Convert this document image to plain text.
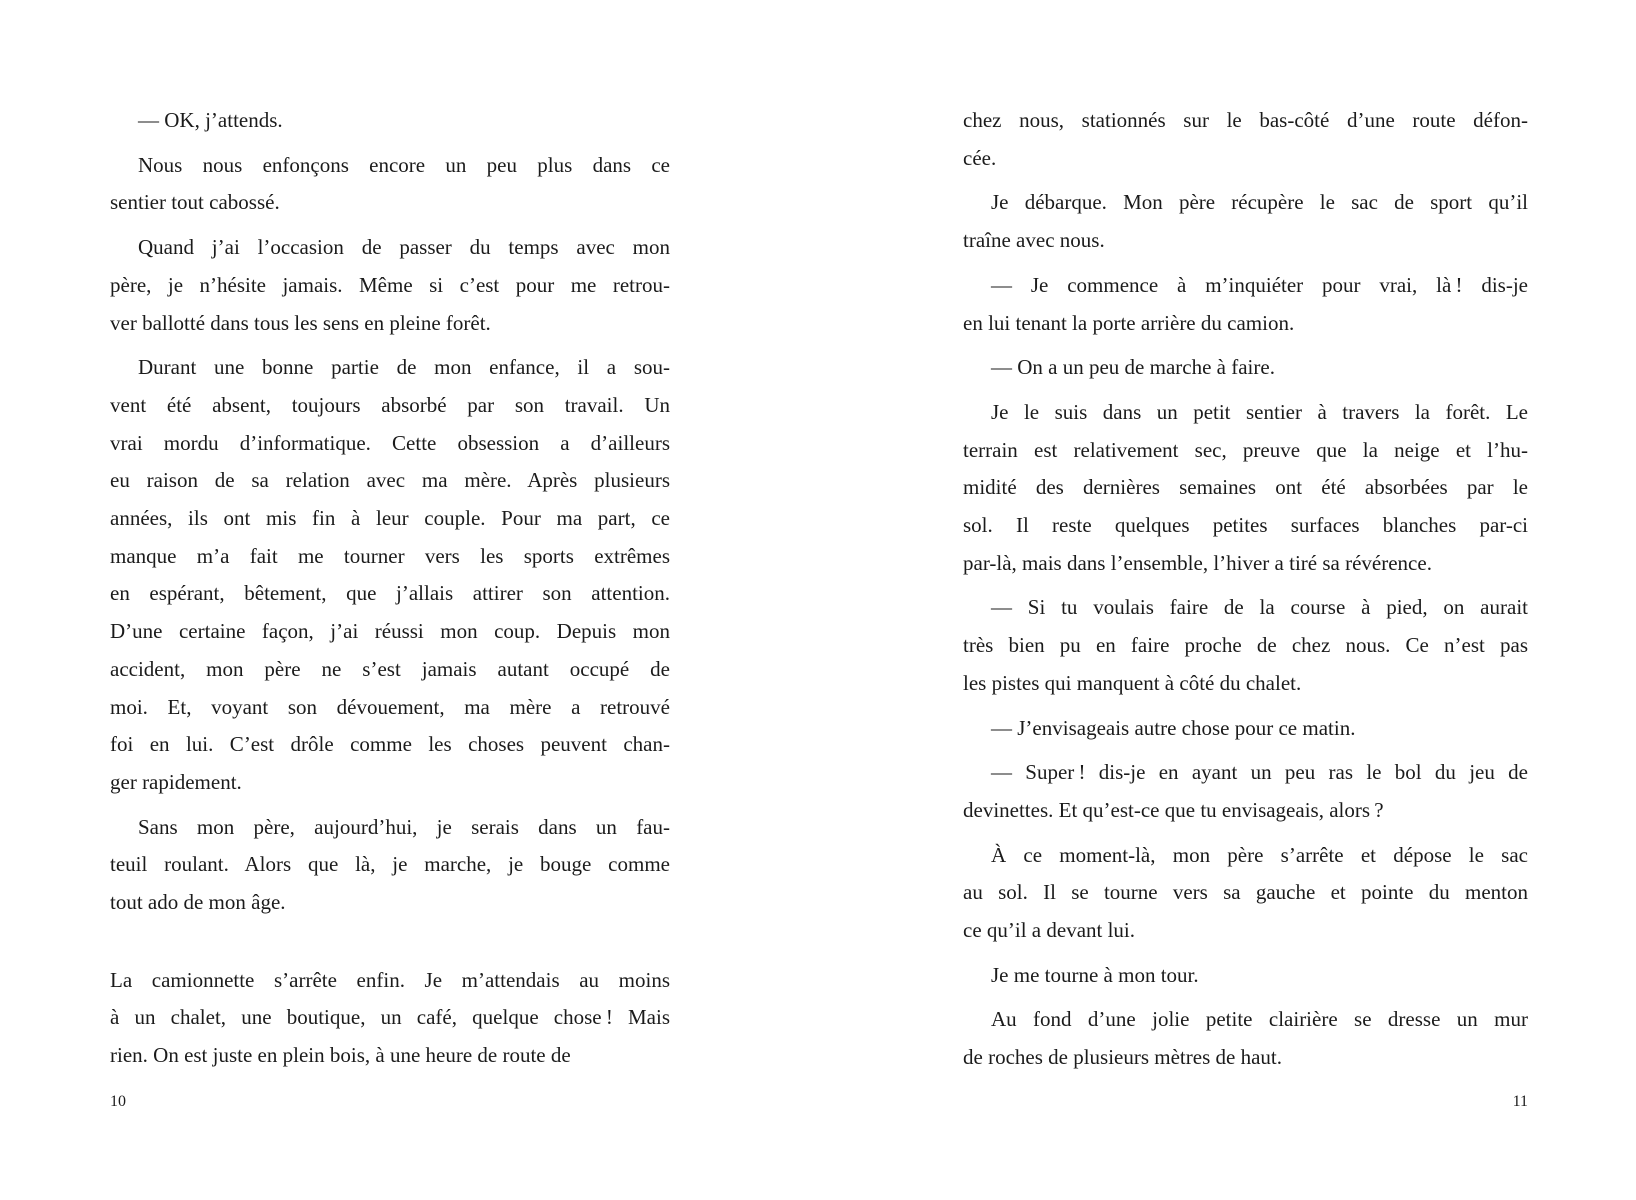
— OK, j’attends.
Nous nous enfonçons encore un peu plus dans ce
sentier tout cabossé.
Quand j’ai l’occasion de passer du temps avec mon
père, je n’hésite jamais. Même si c’est pour me retrou-
ver ballotté dans tous les sens en pleine forêt.
Durant une bonne partie de mon enfance, il a sou-
vent été absent, toujours absorbé par son travail. Un
vrai mordu d’informatique. Cette obsession a d’ailleurs
eu raison de sa relation avec ma mère. Après plusieurs
années, ils ont mis fin à leur couple. Pour ma part, ce
manque m’a fait me tourner vers les sports extrêmes
en espérant, bêtement, que j’allais attirer son attention.
D’une certaine façon, j’ai réussi mon coup. Depuis mon
accident, mon père ne s’est jamais autant occupé de
moi. Et, voyant son dévouement, ma mère a retrouvé
foi en lui. C’est drôle comme les choses peuvent chan-
ger rapidement.
Sans mon père, aujourd’hui, je serais dans un fau-
teuil roulant. Alors que là, je marche, je bouge comme
tout ado de mon âge.
La camionnette s’arrête enfin. Je m’attendais au moins
à un chalet, une boutique, un café, quelque chose ! Mais
rien. On est juste en plein bois, à une heure de route de
chez nous, stationnés sur le bas-côté d’une route défon-
cée.
Je débarque. Mon père récupère le sac de sport qu’il
traîne avec nous.
— Je commence à m’inquiéter pour vrai, là ! dis-je
en lui tenant la porte arrière du camion.
— On a un peu de marche à faire.
Je le suis dans un petit sentier à travers la forêt. Le
terrain est relativement sec, preuve que la neige et l’hu-
midité des dernières semaines ont été absorbées par le
sol. Il reste quelques petites surfaces blanches par-ci
par-là, mais dans l’ensemble, l’hiver a tiré sa révérence.
— Si tu voulais faire de la course à pied, on aurait
très bien pu en faire proche de chez nous. Ce n’est pas
les pistes qui manquent à côté du chalet.
— J’envisageais autre chose pour ce matin.
— Super ! dis-je en ayant un peu ras le bol du jeu de
devinettes. Et qu’est-ce que tu envisageais, alors ?
À ce moment-là, mon père s’arrête et dépose le sac
au sol. Il se tourne vers sa gauche et pointe du menton
ce qu’il a devant lui.
Je me tourne à mon tour.
Au fond d’une jolie petite clairière se dresse un mur
de roches de plusieurs mètres de haut.
10	11
